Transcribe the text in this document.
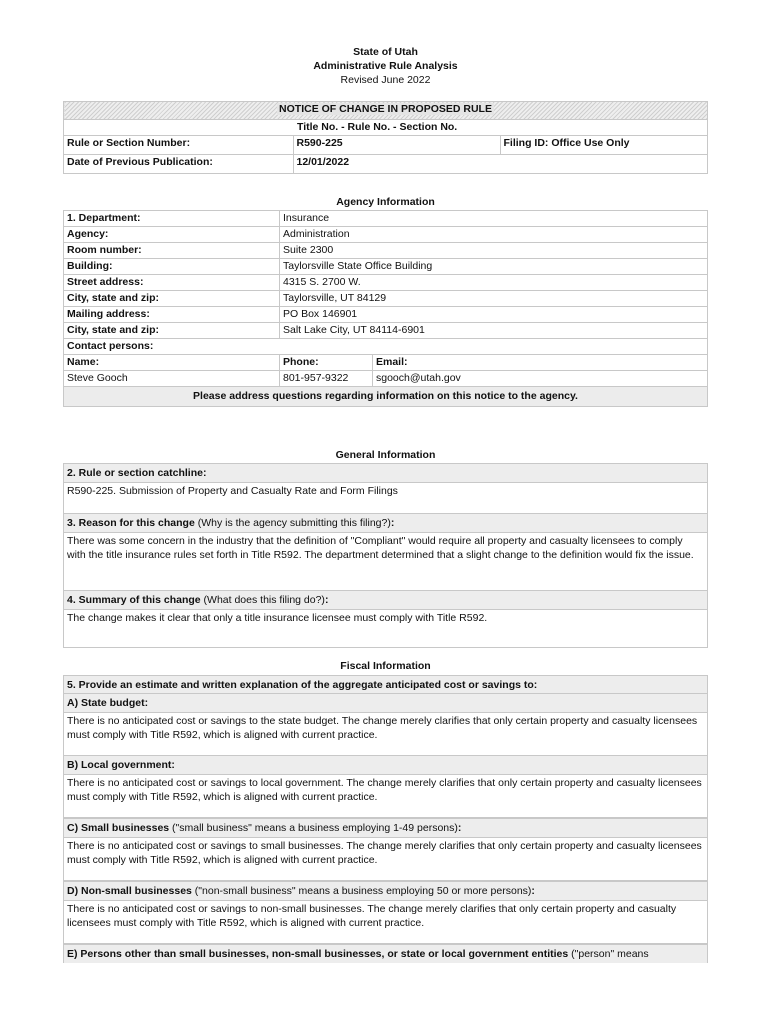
State of Utah
Administrative Rule Analysis
Revised June 2022
NOTICE OF CHANGE IN PROPOSED RULE		
	Title No. - Rule No. - Section No.	
Rule or Section Number:	R590-225	Filing ID: Office Use Only
Date of Previous Publication:	12/01/2022	
Agency Information
1. Department:	Insurance	
Agency:	Administration	
Room number:	Suite 2300	
Building:	Taylorsville State Office Building	
Street address:	4315 S. 2700 W.	
City, state and zip:	Taylorsville, UT 84129	
Mailing address:	PO Box 146901	
City, state and zip:	Salt Lake City, UT 84114-6901	
Contact persons:		
Name:	Phone:	Email:
Steve Gooch	801-957-9322	sgooch@utah.gov
Please address questions regarding information on this notice to the agency.		
General Information
2. Rule or section catchline:
R590-225. Submission of Property and Casualty Rate and Form Filings
3. Reason for this change (Why is the agency submitting this filing?):
There was some concern in the industry that the definition of "Compliant" would require all property and casualty licensees to comply with the title insurance rules set forth in Title R592. The department determined that a slight change to the definition would fix the issue.
4. Summary of this change (What does this filing do?):
The change makes it clear that only a title insurance licensee must comply with Title R592.
Fiscal Information
5. Provide an estimate and written explanation of the aggregate anticipated cost or savings to:
A) State budget:
There is no anticipated cost or savings to the state budget. The change merely clarifies that only certain property and casualty licensees must comply with Title R592, which is aligned with current practice.
B) Local government:
There is no anticipated cost or savings to local government. The change merely clarifies that only certain property and casualty licensees must comply with Title R592, which is aligned with current practice.
C) Small businesses ("small business" means a business employing 1-49 persons):
There is no anticipated cost or savings to small businesses. The change merely clarifies that only certain property and casualty licensees must comply with Title R592, which is aligned with current practice.
D) Non-small businesses ("non-small business" means a business employing 50 or more persons):
There is no anticipated cost or savings to non-small businesses. The change merely clarifies that only certain property and casualty licensees must comply with Title R592, which is aligned with current practice.
E) Persons other than small businesses, non-small businesses, or state or local government entities ("person" means
